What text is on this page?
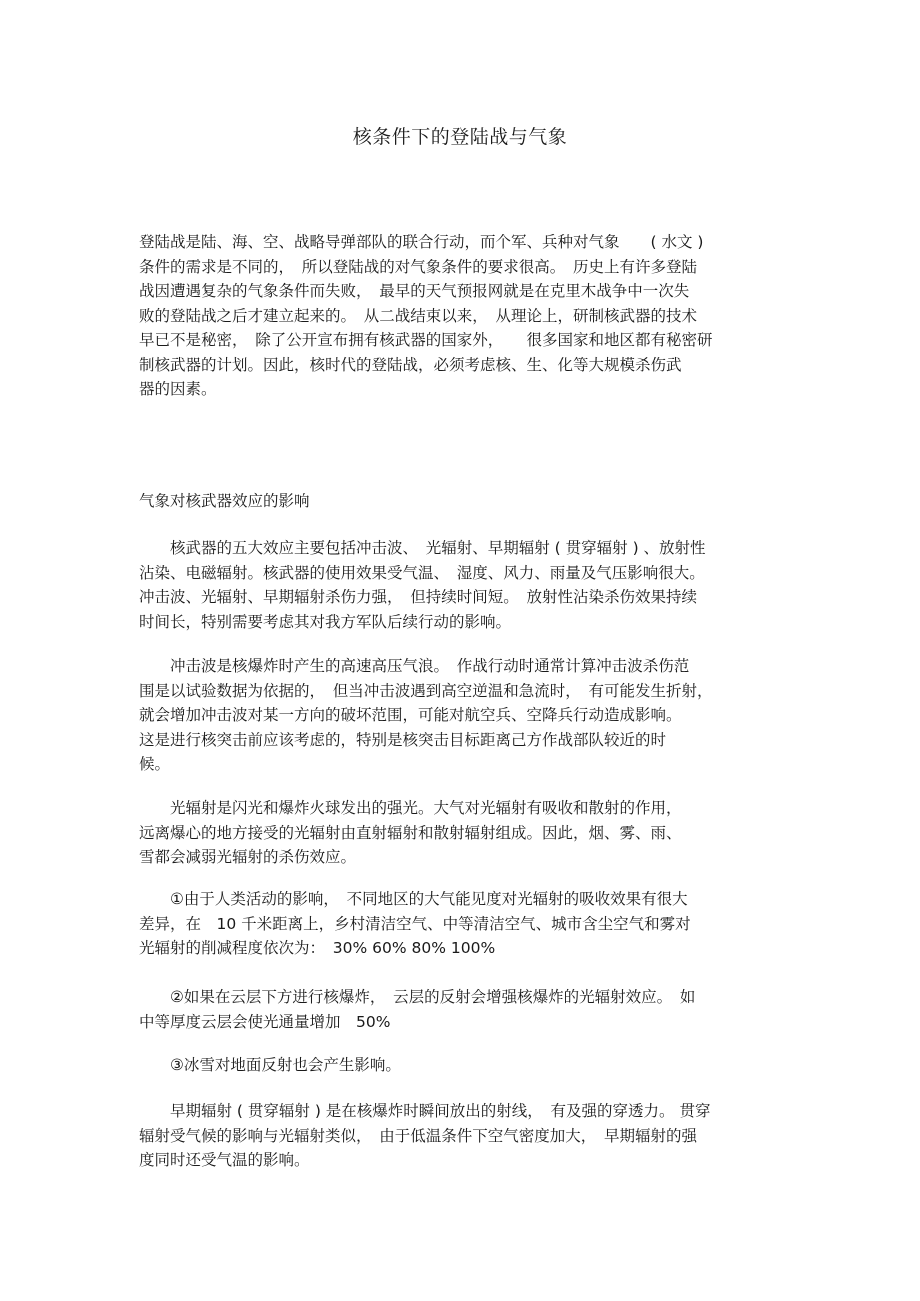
核条件下的登陆战与气象

登陆战是陆、海、空、战略导弹部队的联合行动，而个军、兵种对气象　　( 水文 )
条件的需求是不同的，　所以登陆战的对气象条件的要求很高。　历史上有许多登陆
战因遭遇复杂的气象条件而失败，　最早的天气预报网就是在克里木战争中一次失
败的登陆战之后才建立起来的。　从二战结束以来，　从理论上，研制核武器的技术
早已不是秘密，　除了公开宣布拥有核武器的国家外，　　很多国家和地区都有秘密研
制核武器的计划。因此，核时代的登陆战，必须考虑核、生、化等大规模杀伤武
器的因素。

气象对核武器效应的影响

　　核武器的五大效应主要包括冲击波、　光辐射、早期辐射 ( 贯穿辐射 ) 、放射性
沾染、电磁辐射。核武器的使用效果受气温、　湿度、风力、雨量及气压影响很大。
冲击波、光辐射、早期辐射杀伤力强，　但持续时间短。　放射性沾染杀伤效果持续
时间长，特别需要考虑其对我方军队后续行动的影响。

　　冲击波是核爆炸时产生的高速高压气浪。　作战行动时通常计算冲击波杀伤范
围是以试验数据为依据的，　但当冲击波遇到高空逆温和急流时，　有可能发生折射，
就会增加冲击波对某一方向的破坏范围，可能对航空兵、空降兵行动造成影响。
这是进行核突击前应该考虑的，特别是核突击目标距离己方作战部队较近的时
候。

　　光辐射是闪光和爆炸火球发出的强光。大气对光辐射有吸收和散射的作用，
远离爆心的地方接受的光辐射由直射辐射和散射辐射组成。因此，烟、雾、雨、
雪都会减弱光辐射的杀伤效应。

　　①由于人类活动的影响，　不同地区的大气能见度对光辐射的吸收效果有很大
差异，在　10 千米距离上，乡村清洁空气、中等清洁空气、城市含尘空气和雾对
光辐射的削减程度依次为：　30% 60% 80% 100%

　　②如果在云层下方进行核爆炸，　云层的反射会增强核爆炸的光辐射效应。　如
中等厚度云层会使光通量增加　50%

　　③冰雪对地面反射也会产生影响。

　　早期辐射 ( 贯穿辐射 ) 是在核爆炸时瞬间放出的射线，　有及强的穿透力。 贯穿
辐射受气候的影响与光辐射类似，　由于低温条件下空气密度加大，　早期辐射的强
度同时还受气温的影响。
